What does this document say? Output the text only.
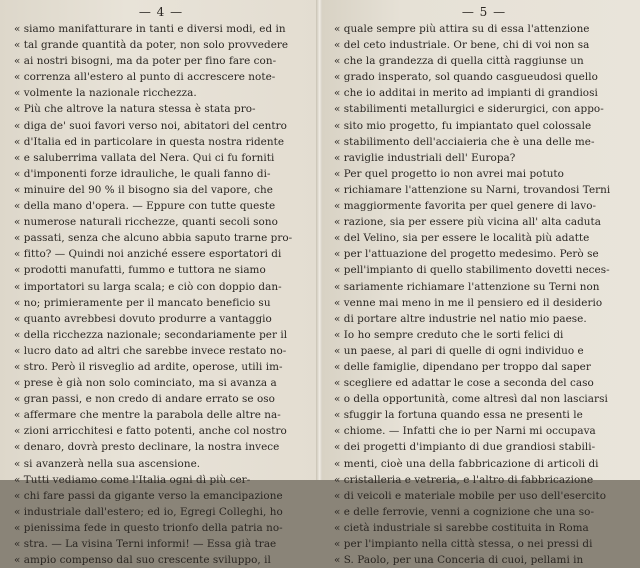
— 4 —
« siamo manifatturare in tanti e diversi modi, ed in
« tal grande quantità da poter, non solo provvedere
« ai nostri bisogni, ma da poter per fino fare con-
« correnza all'estero al punto di accrescere note-
« volmente la nazionale ricchezza.
« Più che altrove la natura stessa è stata pro-
« diga de' suoi favori verso noi, abitatori del centro
« d'Italia ed in particolare in questa nostra ridente
« e saluberrima vallata del Nera. Qui ci fu forniti
« d'imponenti forze idrauliche, le quali fanno di-
« minuire del 90 % il bisogno sia del vapore, che
« della mano d'opera. — Eppure con tutte queste
« numerose naturali ricchezze, quanti secoli sono
« passati, senza che alcuno abbia saputo trarne pro-
« fitto? — Quindi noi anziché essere esportatori di
« prodotti manufatti, fummo e tuttora ne siamo
« importatori su larga scala; e ciò con doppio dan-
« no; primieramente per il mancato beneficio su
« quanto avrebbesi dovuto produrre a vantaggio
« della ricchezza nazionale; secondariamente per il
« lucro dato ad altri che sarebbe invece restato no-
« stro. Però il risveglio ad ardite, operose, utili im-
« prese è già non solo cominciato, ma si avanza a
« gran passi, e non credo di andare errato se oso
« affermare che mentre la parabola delle altre na-
« zioni arricchitesi e fatto potenti, anche col nostro
« denaro, dovrà presto declinare, la nostra invece
« si avanzerà nella sua ascensione.
« Tutti vediamo come l'Italia ogni dì più cer-
« chi fare passi da gigante verso la emancipazione
« industriale dall'estero; ed io, Egregi Colleghi, ho
« pienissima fede in questo trionfo della patria no-
« stra. — La visina Terni informi! — Essa già trae
« ampio compenso dal suo crescente sviluppo, il
— 5 —
« quale sempre più attira su di essa l'attenzione
« del ceto industriale. Or bene, chi di voi non sa
« che la grandezza di quella città raggiunse un
« grado insperato, sol quando casgueudosi quello
« che io additai in merito ad impianti di grandiosi
« stabilimenti metallurgici e siderurgici, con appo-
« sito mio progetto, fu impiantato quel colossale
« stabilimento dell'acciaieria che è una delle me-
« raviglie industriali dell' Europa?
« Per quel progetto io non avrei mai potuto
« richiamare l'attenzione su Narni, trovandosi Terni
« maggiormente favorita per quel genere di lavo-
« razione, sia per essere più vicina all' alta caduta
« del Velino, sia per essere le località più adatte
« per l'attuazione del progetto medesimo. Però se
« pell'impianto di quello stabilimento dovetti neces-
« sariamente richiamare l'attenzione su Terni non
« venne mai meno in me il pensiero ed il desiderio
« di portare altre industrie nel natio mio paese.
« Io ho sempre creduto che le sorti felici di
« un paese, al pari di quelle di ogni individuo e
« delle famiglie, dipendano per troppo dal saper
« scegliere ed adattar le cose a seconda del caso
« o della opportunità, come altresì dal non lasciarsi
« sfuggir la fortuna quando essa ne presenti le
« chiome. — Infatti che io per Narni mi occupava
« dei progetti d'impianto di due grandiosi stabili-
« menti, cioè una della fabbricazione di articoli di
« cristalleria e vetreria, e l'altro di fabbricazione
« di veicoli e materiale mobile per uso dell'esercito
« e delle ferrovie, venni a cognizione che una so-
« cietà industriale si sarebbe costituita in Roma
« per l'impianto nella città stessa, o nei pressi di
« S. Paolo, per una Conceria di cuoi, pellami in
